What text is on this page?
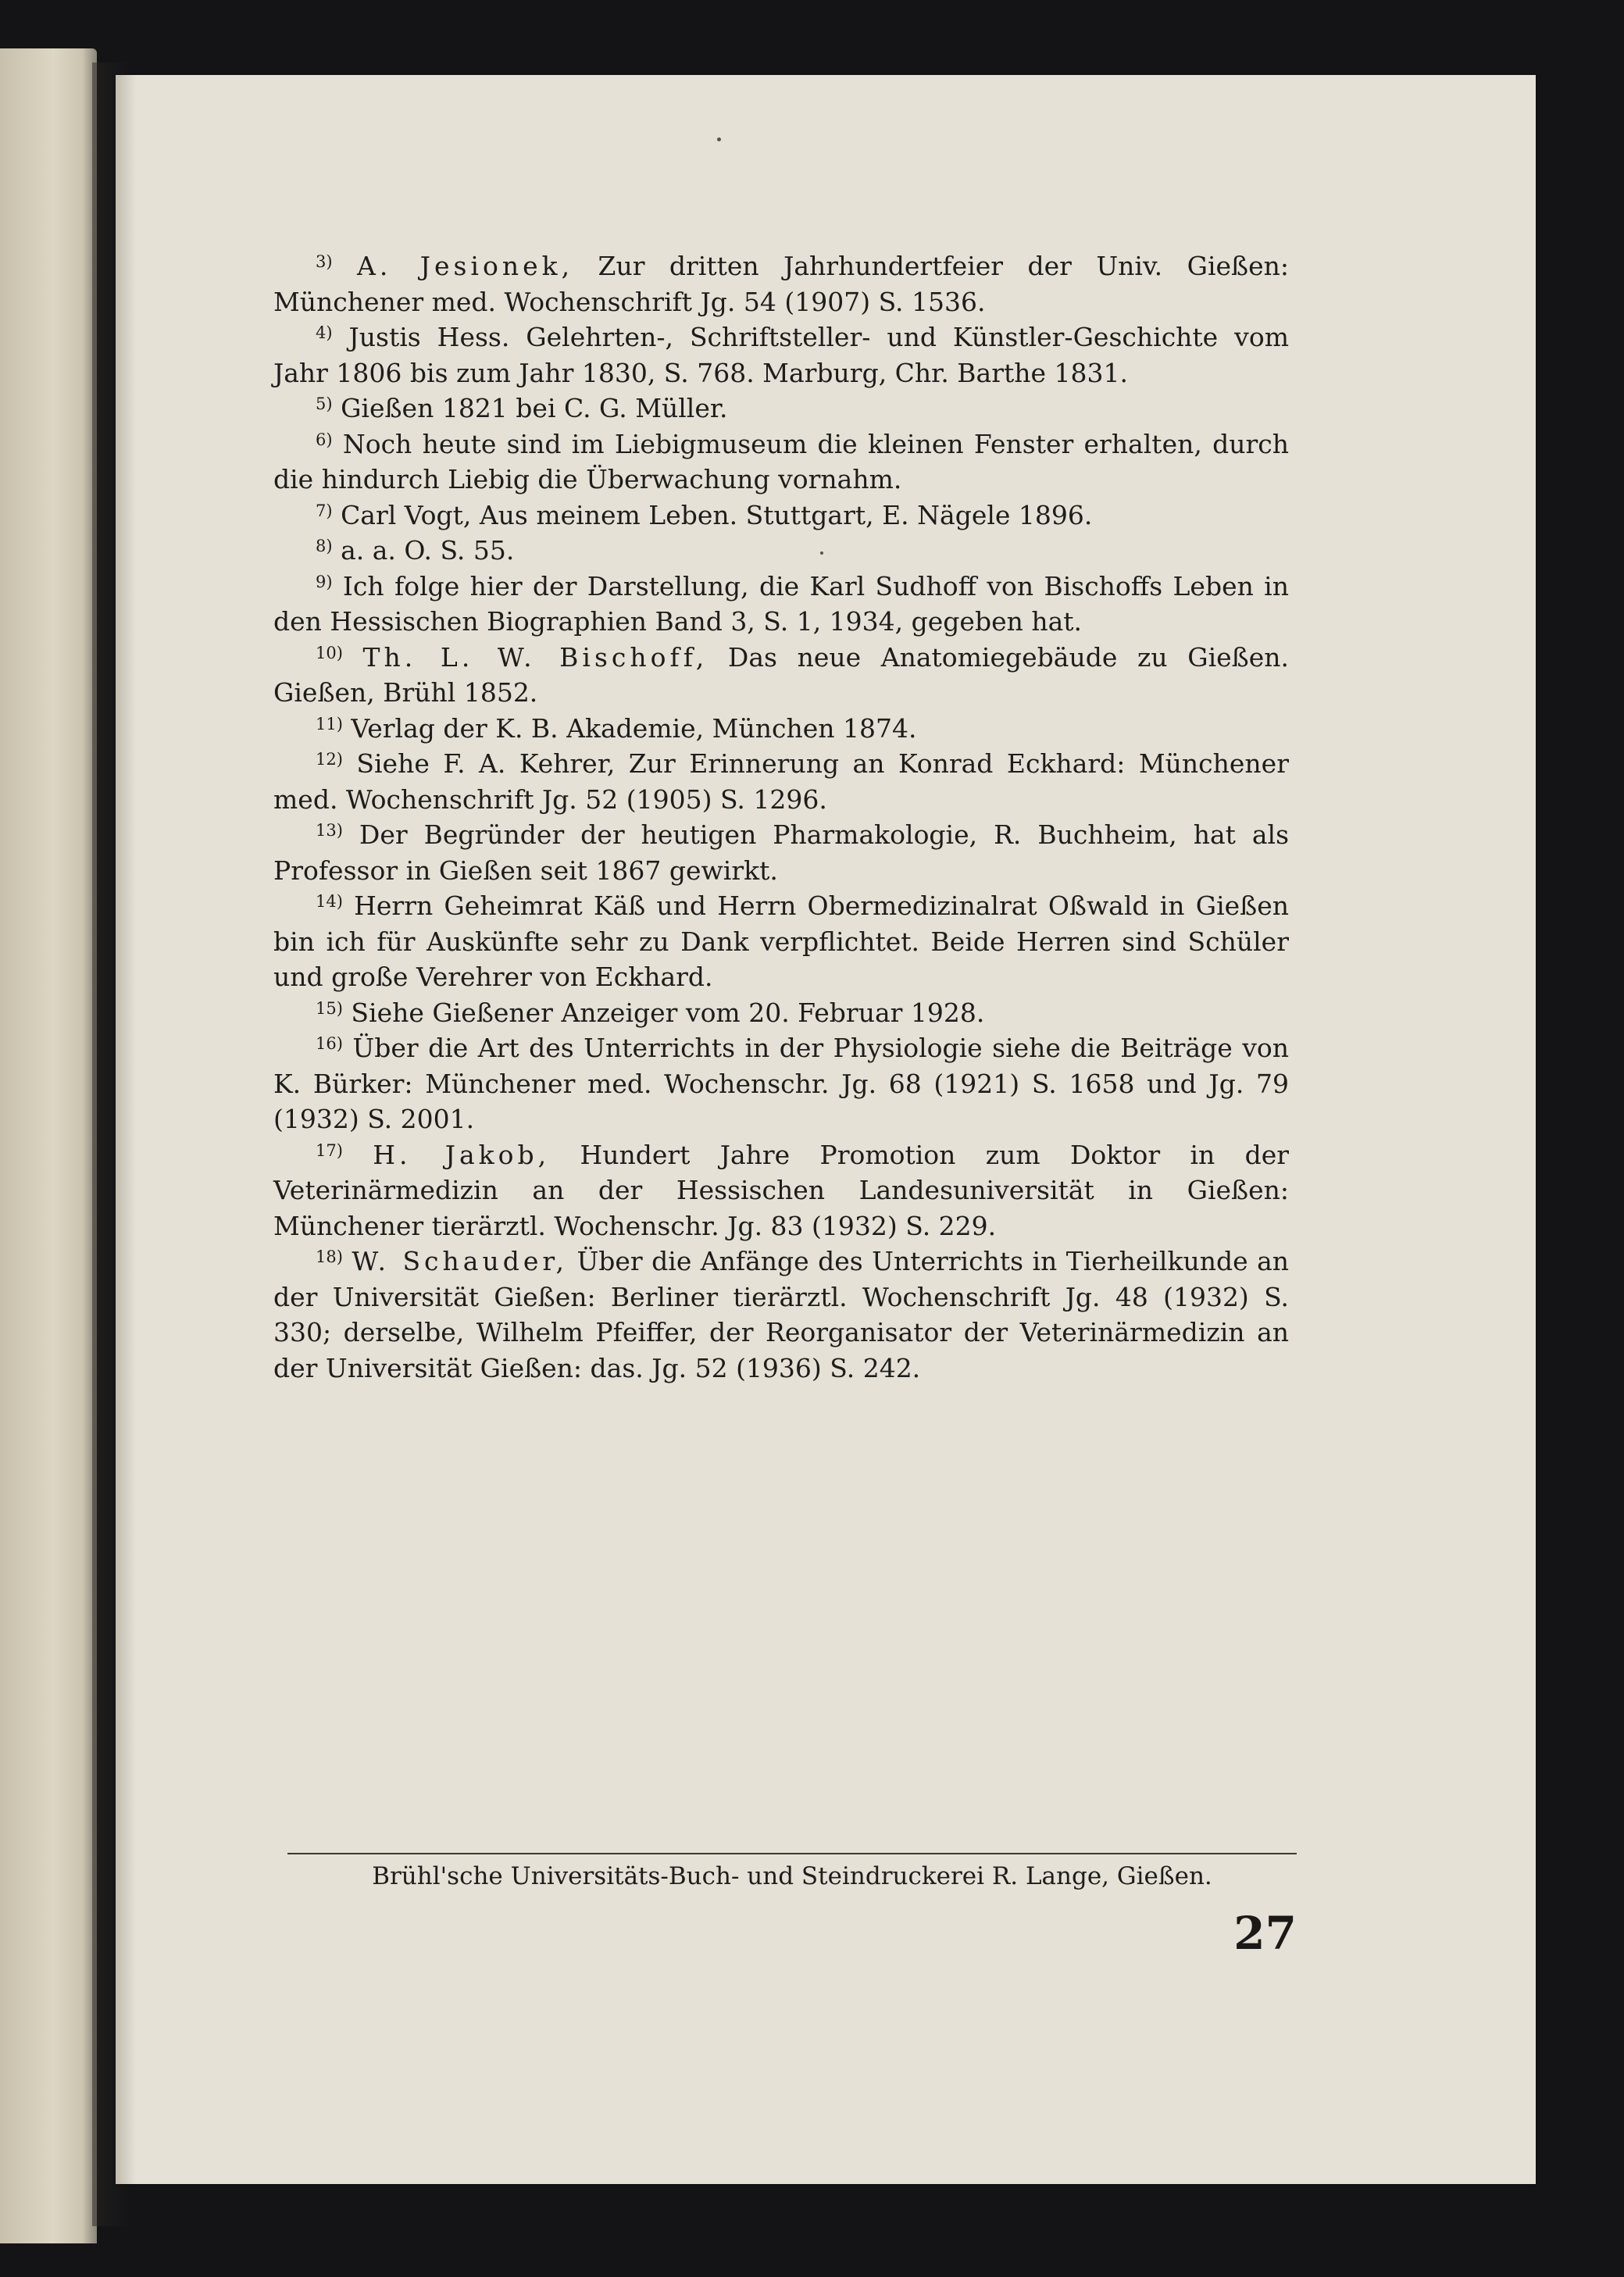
$^{3)}$ A. Jesionek, Zur dritten Jahrhundertfeier der Univ. Gießen: Münchener med. Wochenschrift Jg. 54 (1907) S. 1536.

$^{4)}$ Justis Hess. Gelehrten-, Schriftsteller- und Künstler-Geschichte vom Jahr 1806 bis zum Jahr 1830, S. 768. Marburg, Chr. Barthe 1831.

$^{5)}$ Gießen 1821 bei C. G. Müller.

$^{6)}$ Noch heute sind im Liebigmuseum die kleinen Fenster erhalten, durch die hindurch Liebig die Überwachung vornahm.

$^{7)}$ Carl Vogt, Aus meinem Leben. Stuttgart, E. Nägele 1896.

$^{8)}$ a. a. O. S. 55.

$^{9)}$ Ich folge hier der Darstellung, die Karl Sudhoff von Bischoffs Leben in den Hessischen Biographien Band 3, S. 1, 1934, gegeben hat.

$^{10)}$ Th. L. W. Bischoff, Das neue Anatomiegebäude zu Gießen. Gießen, Brühl 1852.

$^{11)}$ Verlag der K. B. Akademie, München 1874.

$^{12)}$ Siehe F. A. Kehrer, Zur Erinnerung an Konrad Eckhard: Münchener med. Wochenschrift Jg. 52 (1905) S. 1296.

$^{13)}$ Der Begründer der heutigen Pharmakologie, R. Buchheim, hat als Professor in Gießen seit 1867 gewirkt.

$^{14)}$ Herrn Geheimrat Käß und Herrn Obermedizinalrat Oßwald in Gießen bin ich für Auskünfte sehr zu Dank verpflichtet. Beide Herren sind Schüler und große Verehrer von Eckhard.

$^{15)}$ Siehe Gießener Anzeiger vom 20. Februar 1928.

$^{16)}$ Über die Art des Unterrichts in der Physiologie siehe die Beiträge von K. Bürker: Münchener med. Wochenschr. Jg. 68 (1921) S. 1658 und Jg. 79 (1932) S. 2001.

$^{17)}$ H. Jakob, Hundert Jahre Promotion zum Doktor in der Veterinärmedizin an der Hessischen Landesuniversität in Gießen: Münchener tierärztl. Wochenschr. Jg. 83 (1932) S. 229.

$^{18)}$ W. Schauder, Über die Anfänge des Unterrichts in Tierheilkunde an der Universität Gießen: Berliner tierärztl. Wochenschrift Jg. 48 (1932) S. 330; derselbe, Wilhelm Pfeiffer, der Reorganisator der Veterinärmedizin an der Universität Gießen: das. Jg. 52 (1936) S. 242.

Brühl'sche Universitäts-Buch- und Steindruckerei R. Lange, Gießen.
27
